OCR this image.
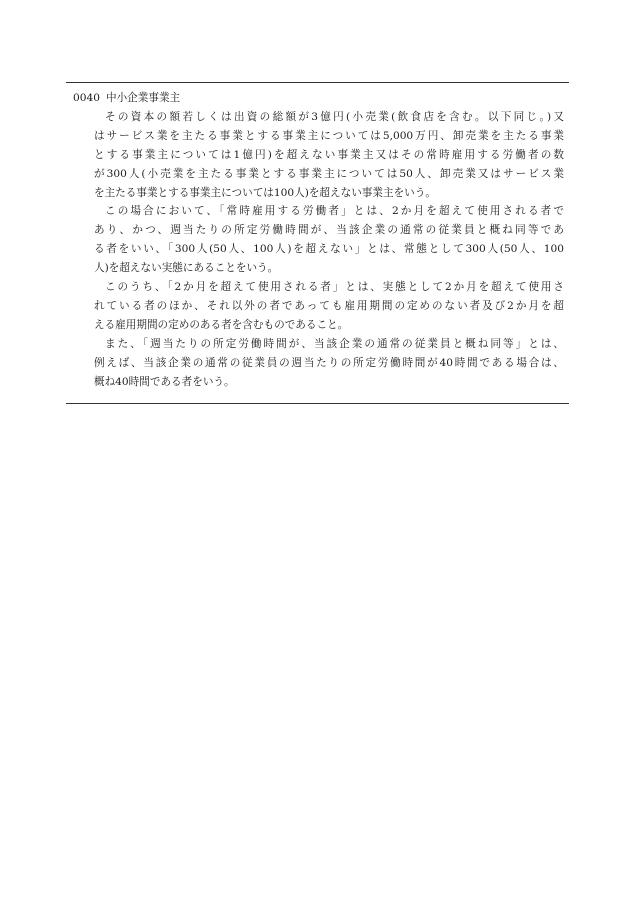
0040 中小企業事業主
その資本の額若しくは出資の総額が3億円(小売業(飲食店を含む。以下同じ。)又
はサービス業を主たる事業とする事業主については5,000万円、卸売業を主たる事業
とする事業主については1億円)を超えない事業主又はその常時雇用する労働者の数
が300人(小売業を主たる事業とする事業主については50人、卸売業又はサービス業
を主たる事業とする事業主については100人)を超えない事業主をいう。
この場合において、「常時雇用する労働者」とは、2か月を超えて使用される者で
あり、かつ、週当たりの所定労働時間が、当該企業の通常の従業員と概ね同等であ
る者をいい、「300人(50人、100人)を超えない」とは、常態として300人(50人、100
人)を超えない実態にあることをいう。
このうち、「2か月を超えて使用される者」とは、実態として2か月を超えて使用さ
れている者のほか、それ以外の者であっても雇用期間の定めのない者及び2か月を超
える雇用期間の定めのある者を含むものであること。
また、「週当たりの所定労働時間が、当該企業の通常の従業員と概ね同等」とは、
例えば、当該企業の通常の従業員の週当たりの所定労働時間が40時間である場合は、
概ね40時間である者をいう。
